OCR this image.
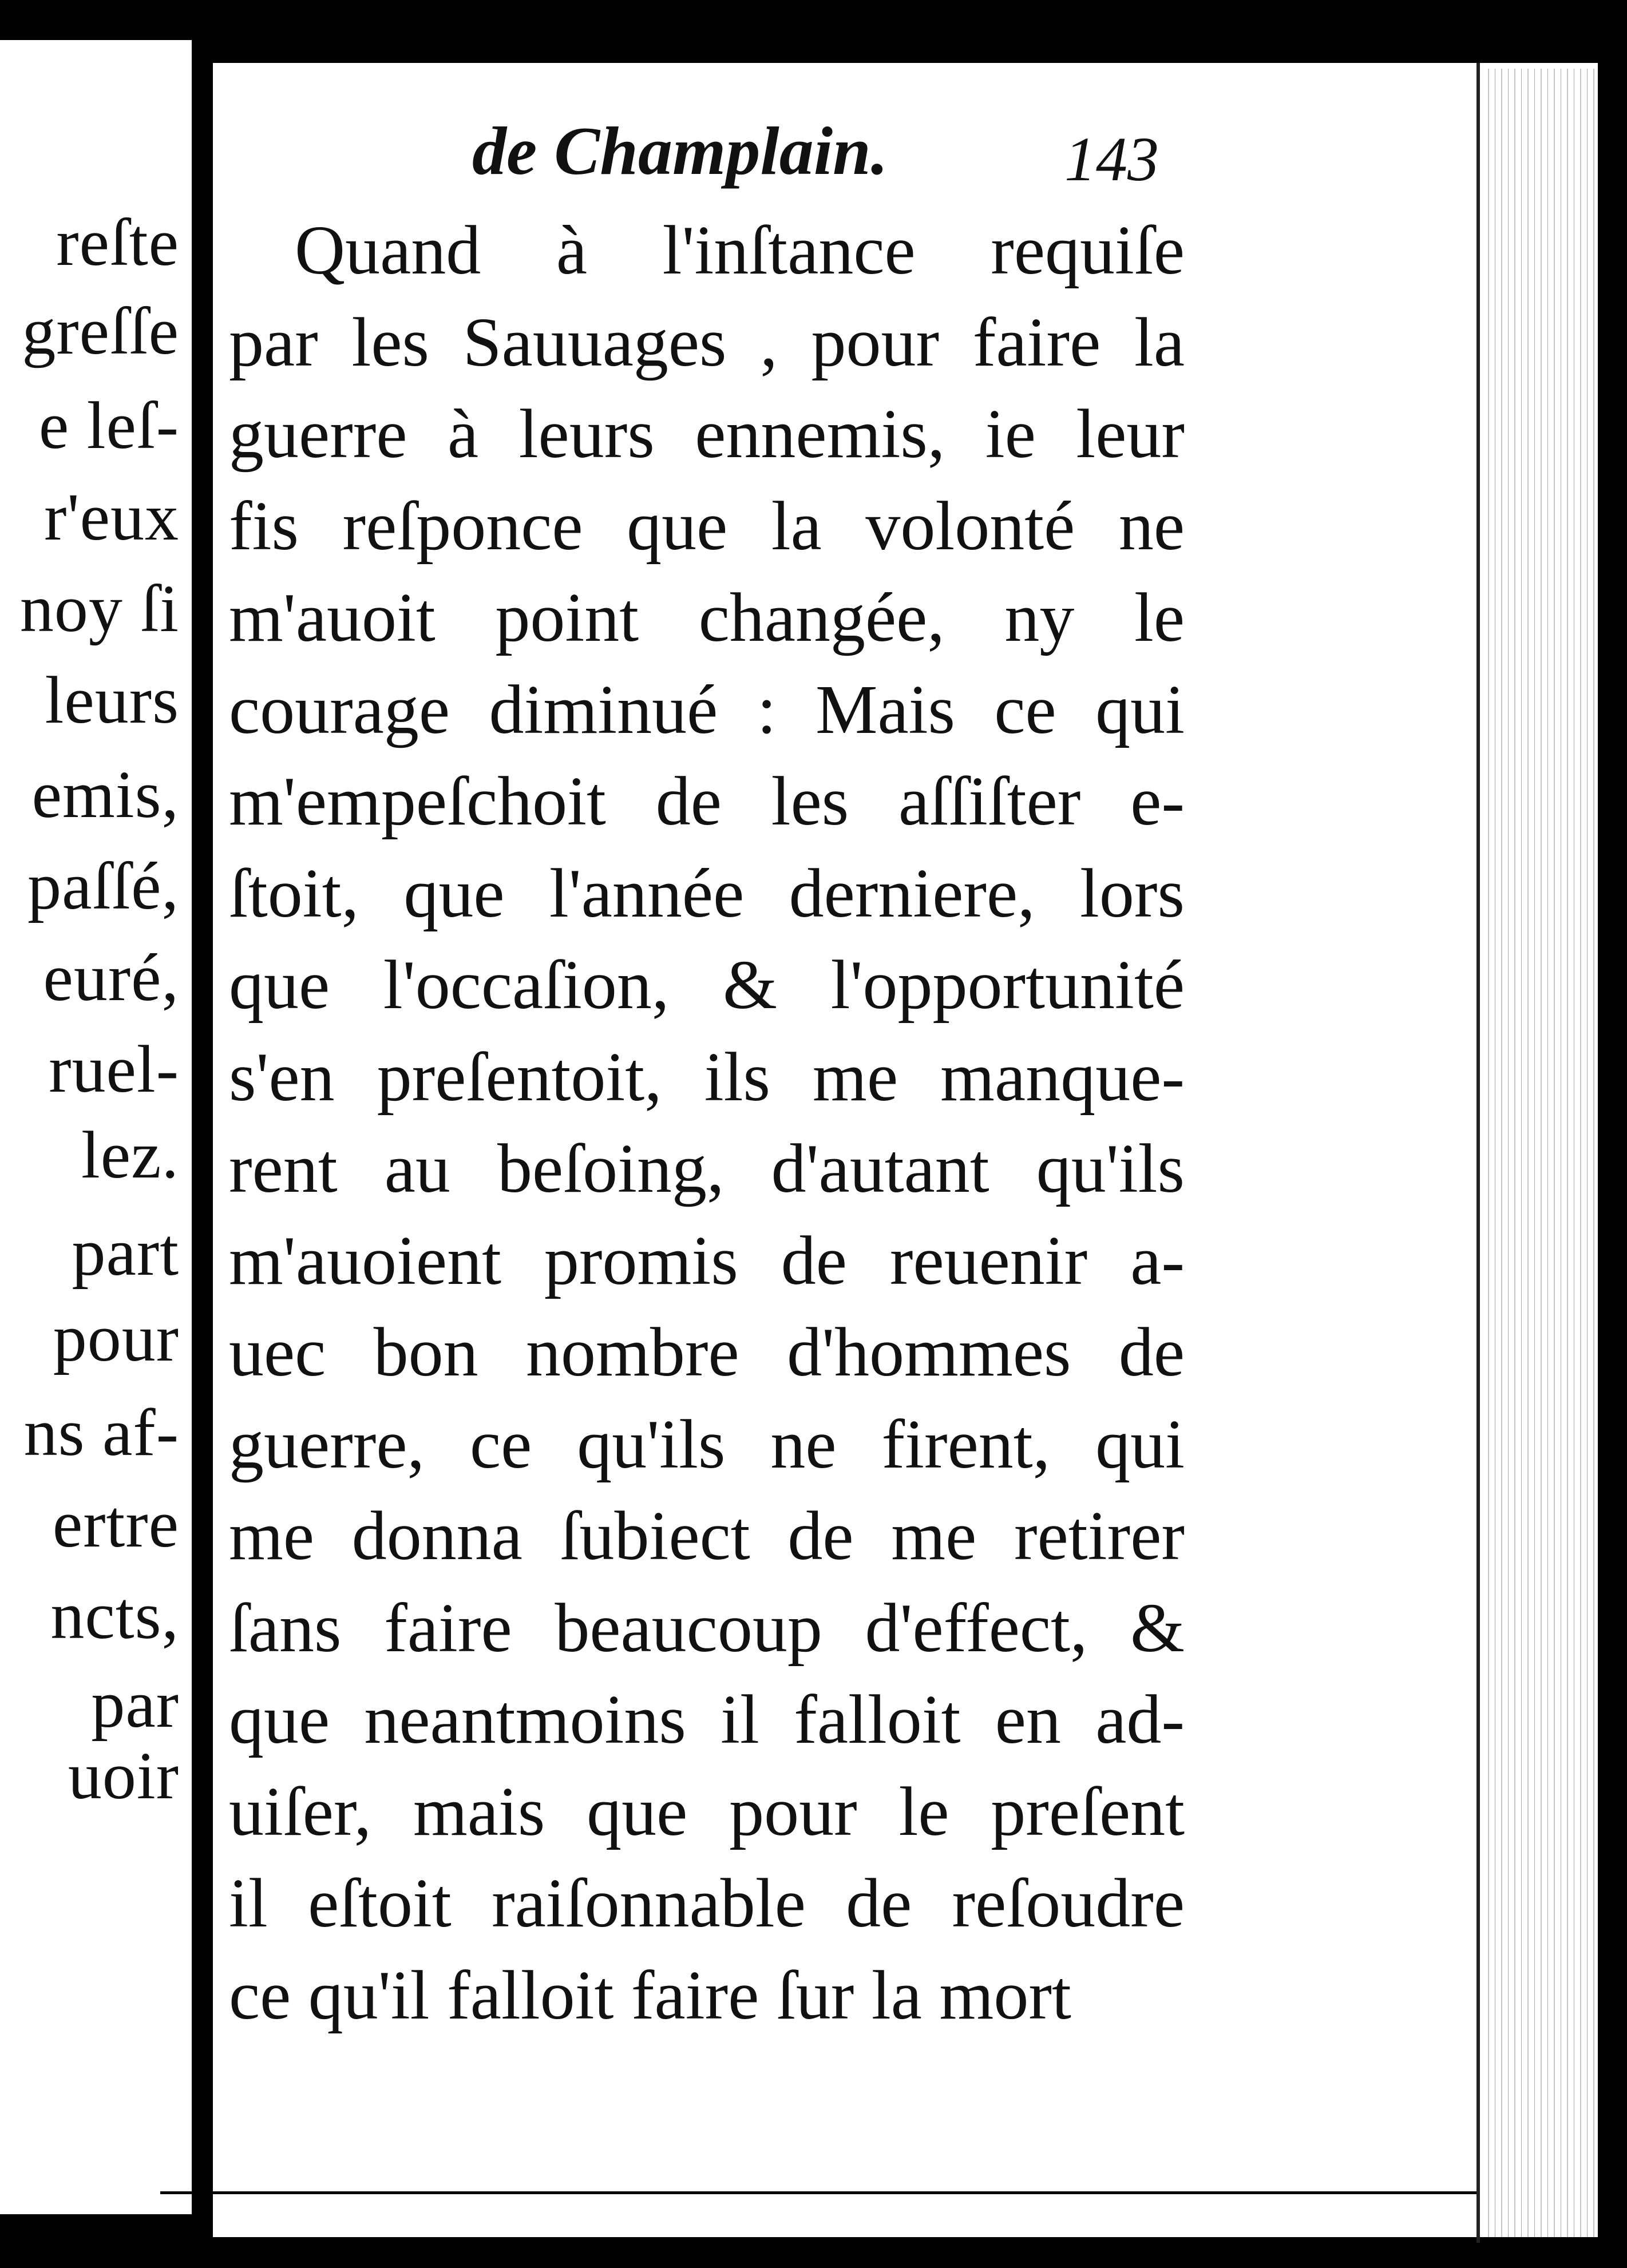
reſte
greſſe
e leſ-
r'eux
noy ſi
leurs
emis,
paſſé,
euré,
ruel-
lez.
part
pour
ns af-
ertre
ncts,
par
uoir
de Champlain.	143
Quand à l'inſtance requiſe
par les Sauuages , pour faire la
guerre à leurs ennemis, ie leur
fis reſponce que la volonté ne
m'auoit point changée, ny le
courage diminué : Mais ce qui
m'empeſchoit de les aſſiſter e-
ſtoit, que l'année derniere, lors
que l'occaſion, & l'opportunité
s'en preſentoit, ils me manque-
rent au beſoing, d'autant qu'ils
m'auoient promis de reuenir a-
uec bon nombre d'hommes de
guerre, ce qu'ils ne firent, qui
me donna ſubiect de me retirer
ſans faire beaucoup d'effect, &
que neantmoins il falloit en ad-
uiſer, mais que pour le preſent
il eſtoit raiſonnable de reſoudre
ce qu'il falloit faire ſur la mort
